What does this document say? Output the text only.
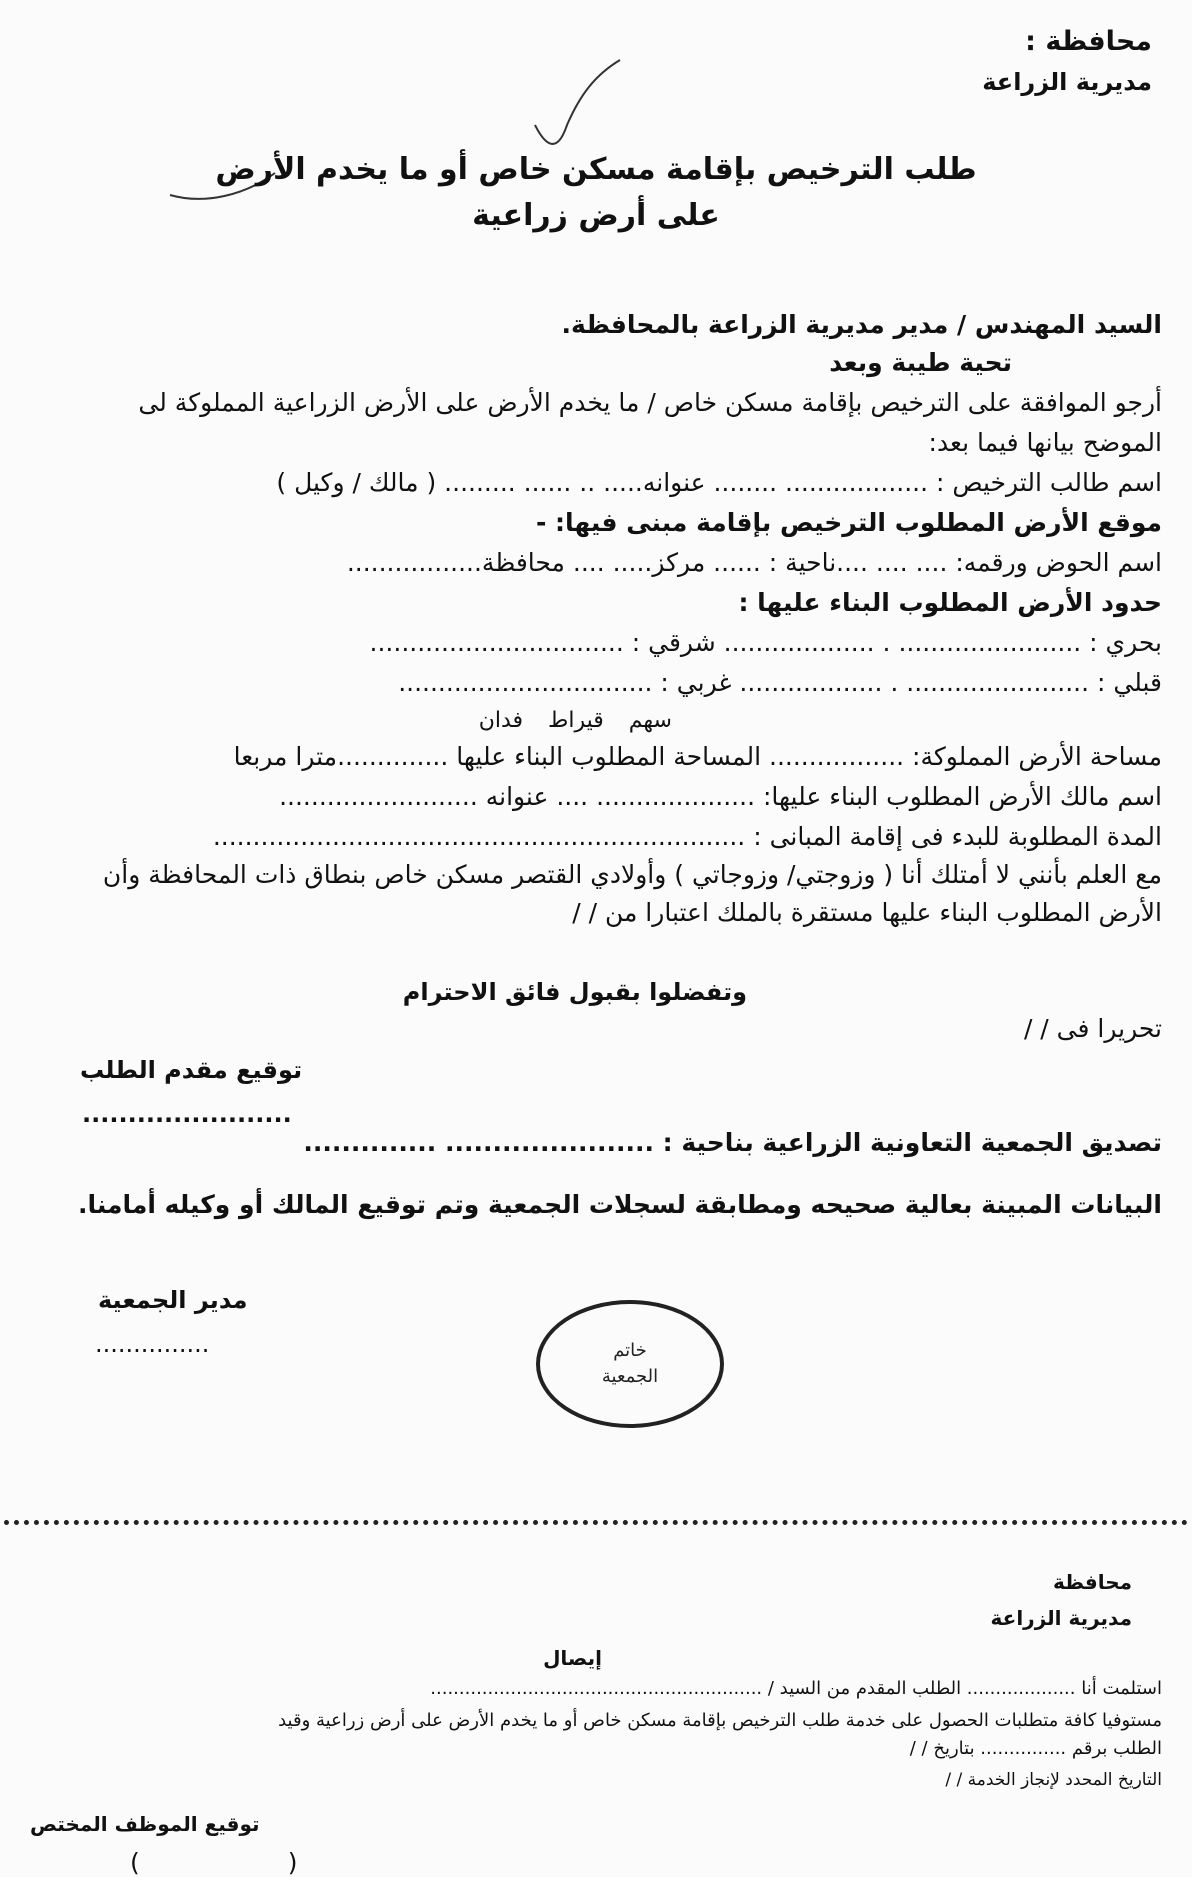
محافظة :
مديرية الزراعة
طلب الترخيص بإقامة مسكن خاص أو ما يخدم الأرض
على أرض زراعية
السيد المهندس / مدير مديرية الزراعة بالمحافظة.
تحية طيبة وبعد
أرجو الموافقة على الترخيص بإقامة مسكن خاص / ما يخدم الأرض على الأرض الزراعية المملوكة لى
الموضح بيانها فيما بعد:
اسم طالب الترخيص : .................. ........ عنوانه..... .. ...... ......... ( مالك / وكيل )
موقع الأرض المطلوب الترخيص بإقامة مبنى فيها: -
اسم الحوض ورقمه: .... .... ....ناحية : ...... مركز..... .... محافظة.................
حدود الأرض المطلوب البناء عليها :
بحري : ....................... . ................... شرقي : ................................
قبلي : ....................... . .................. غربي : ................................
سهم قيراط فدان
مساحة الأرض المملوكة: ................. المساحة المطلوب البناء عليها ..............مترا مربعا
اسم مالك الأرض المطلوب البناء عليها: .................... .... عنوانه .........................
المدة المطلوبة للبدء فى إقامة المبانى : ...................................................................
مع العلم بأنني لا أمتلك أنا ( وزوجتي/ وزوجاتي ) وأولادي القتصر مسكن خاص بنطاق ذات المحافظة وأن
الأرض المطلوب البناء عليها مستقرة بالملك اعتبارا من / /
وتفضلوا بقبول فائق الاحترام
تحريرا فى / /
توقيع مقدم الطلب
.......................
تصديق الجمعية التعاونية الزراعية بناحية : ...................... ..............
البيانات المبينة بعالية صحيحه ومطابقة لسجلات الجمعية وتم توقيع المالك أو وكيله أمامنا.
مدير الجمعية
...............	خاتم
الجمعية
محافظة
مديرية الزراعة
إيصال
استلمت أنا ................... الطلب المقدم من السيد / ..........................................................
مستوفيا كافة متطلبات الحصول على خدمة طلب الترخيص بإقامة مسكن خاص أو ما يخدم الأرض على أرض زراعية وقيد
الطلب برقم ............... بتاريخ / /
التاريخ المحدد لإنجاز الخدمة / /
توقيع الموظف المختص
( )
